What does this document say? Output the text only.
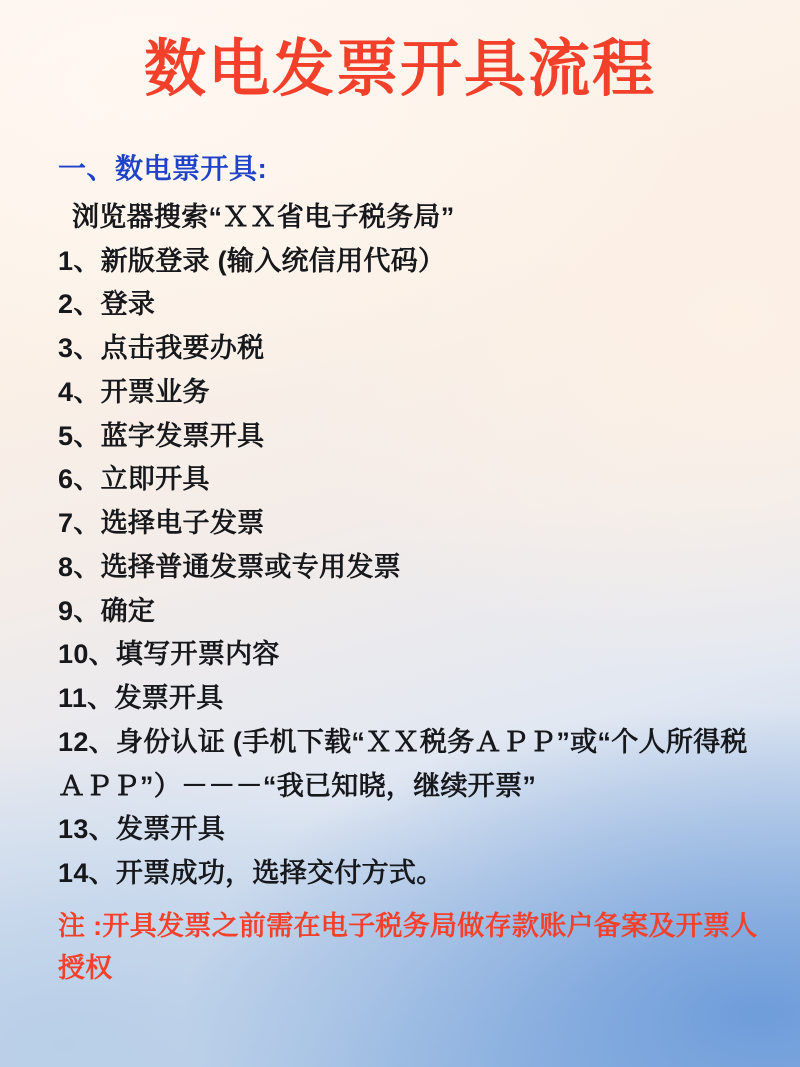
数电发票开具流程
一、数电票开具:
浏览器搜索“ＸＸ省电子税务局”
1、新版登录 (输入统信用代码）
2、登录
3、点击我要办税
4、开票业务
5、蓝字发票开具
6、立即开具
7、选择电子发票
8、选择普通发票或专用发票
9、确定
10、填写开票内容
11、发票开具
12、身份认证 (手机下载“ＸＸ税务ＡＰＰ”或“个人所得税ＡＰＰ”）－－－“我已知晓，继续开票”
13、发票开具
14、开票成功，选择交付方式。
注 :开具发票之前需在电子税务局做存款账户备案及开票人授权
